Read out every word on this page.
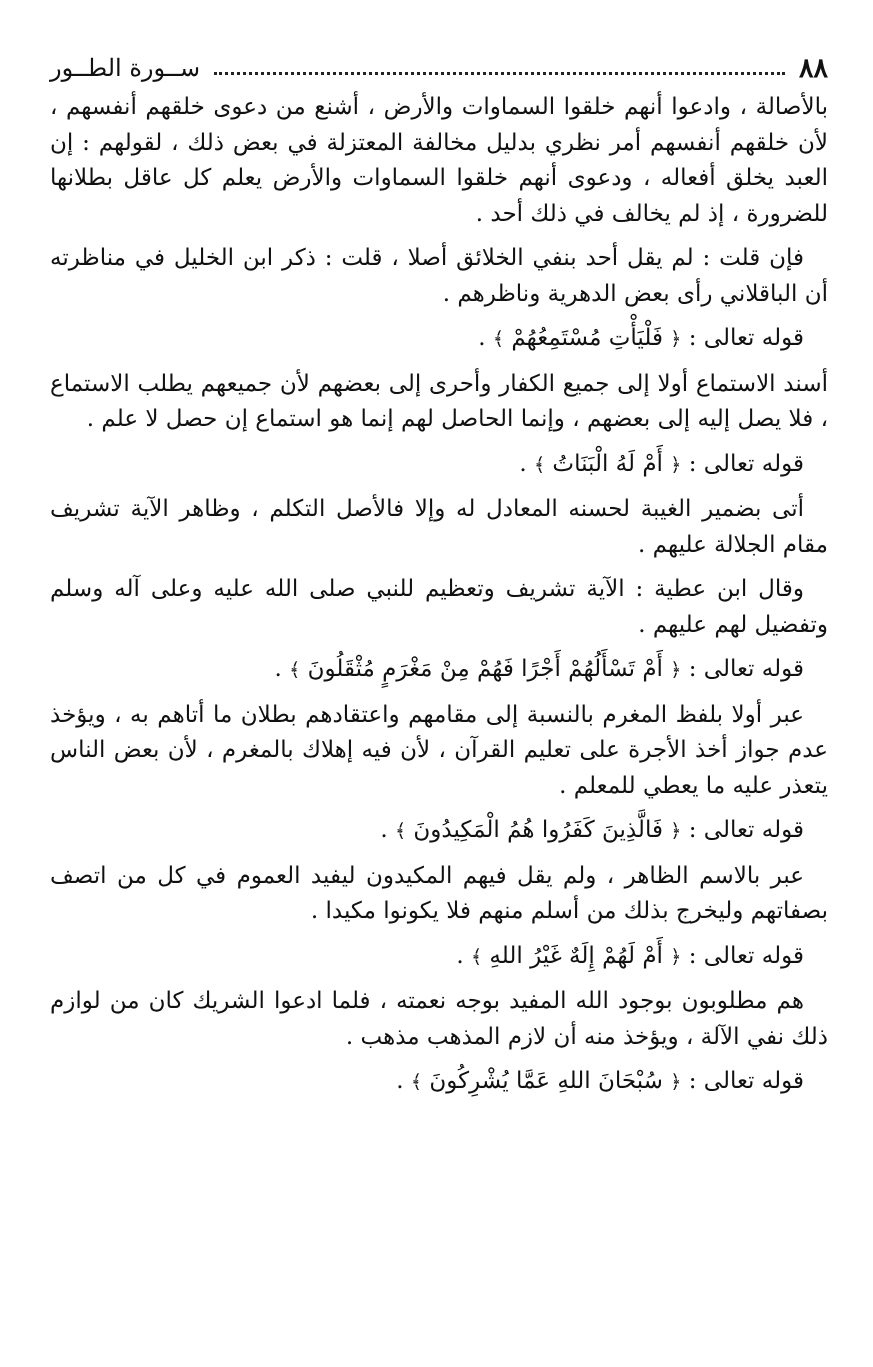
٨٨
ســورة الطــور

بالأصالة ، وادعوا أنهم خلقوا السماوات والأرض ، أشنع من دعوى خلقهم أنفسهم ، لأن خلقهم أنفسهم أمر نظري بدليل مخالفة المعتزلة في بعض ذلك ، لقولهم : إن العبد يخلق أفعاله ، ودعوى أنهم خلقوا السماوات والأرض يعلم كل عاقل بطلانها للضرورة ، إذ لم يخالف في ذلك أحد .

فإن قلت : لم يقل أحد بنفي الخلائق أصلا ، قلت : ذكر ابن الخليل في مناظرته أن الباقلاني رأى بعض الدهرية وناظرهم .

قوله تعالى : ﴿ فَلْيَأْتِ مُسْتَمِعُهُمْ ﴾ .

أسند الاستماع أولا إلى جميع الكفار وأحرى إلى بعضهم لأن جميعهم يطلب الاستماع ، فلا يصل إليه إلى بعضهم ، وإنما الحاصل لهم إنما هو استماع إن حصل لا علم .

قوله تعالى : ﴿ أَمْ لَهُ الْبَنَاتُ ﴾ .

أتى بضمير الغيبة لحسنه المعادل له وإلا فالأصل التكلم ، وظاهر الآية تشريف مقام الجلالة عليهم .

وقال ابن عطية : الآية تشريف وتعظيم للنبي صلى الله عليه وعلى آله وسلم وتفضيل لهم عليهم .

قوله تعالى : ﴿ أَمْ تَسْأَلُهُمْ أَجْرًا فَهُمْ مِنْ مَغْرَمٍ مُثْقَلُونَ ﴾ .

عبر أولا بلفظ المغرم بالنسبة إلى مقامهم واعتقادهم بطلان ما أتاهم به ، ويؤخذ عدم جواز أخذ الأجرة على تعليم القرآن ، لأن فيه إهلاك بالمغرم ، لأن بعض الناس يتعذر عليه ما يعطي للمعلم .

قوله تعالى : ﴿ فَالَّذِينَ كَفَرُوا هُمُ الْمَكِيدُونَ ﴾ .

عبر بالاسم الظاهر ، ولم يقل فيهم المكيدون ليفيد العموم في كل من اتصف بصفاتهم وليخرج بذلك من أسلم منهم فلا يكونوا مكيدا .

قوله تعالى : ﴿ أَمْ لَهُمْ إِلَهٌ غَيْرُ اللهِ ﴾ .

هم مطلوبون بوجود الله المفيد بوجه نعمته ، فلما ادعوا الشريك كان من لوازم ذلك نفي الآلة ، ويؤخذ منه أن لازم المذهب مذهب .

قوله تعالى : ﴿ سُبْحَانَ اللهِ عَمَّا يُشْرِكُونَ ﴾ .
